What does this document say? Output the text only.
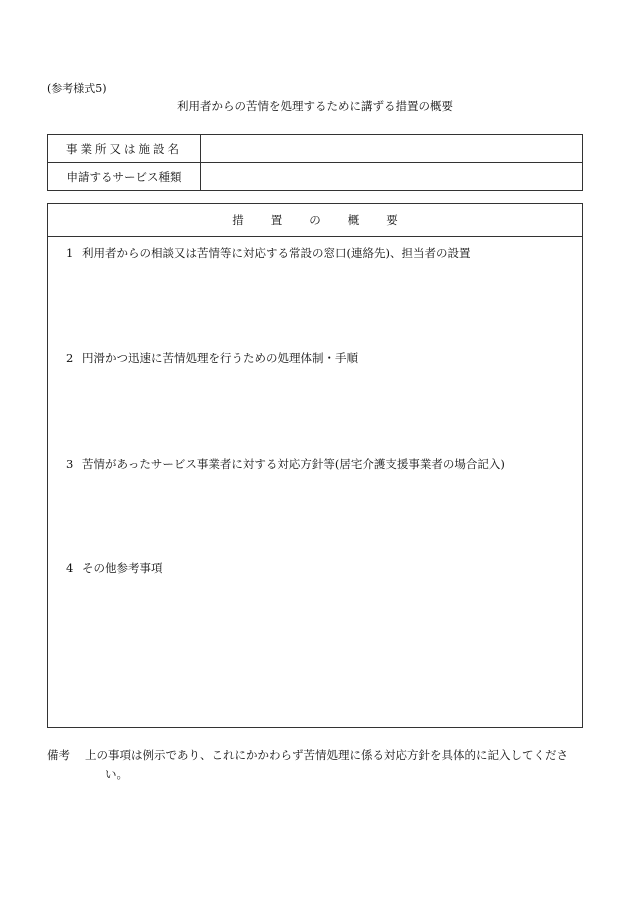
(参考様式5)
利用者からの苦情を処理するために講ずる措置の概要
事業所又は施設名	
申請するサービス種類	
措置の概要
1 利用者からの相談又は苦情等に対応する常設の窓口(連絡先)、担当者の設置
2 円滑かつ迅速に苦情処理を行うための処理体制・手順
3 苦情があったサービス事業者に対する対応方針等(居宅介護支援事業者の場合記入)
4 その他参考事項
備考 上の事項は例示であり、これにかかわらず苦情処理に係る対応方針を具体的に記入してくださ
い。
